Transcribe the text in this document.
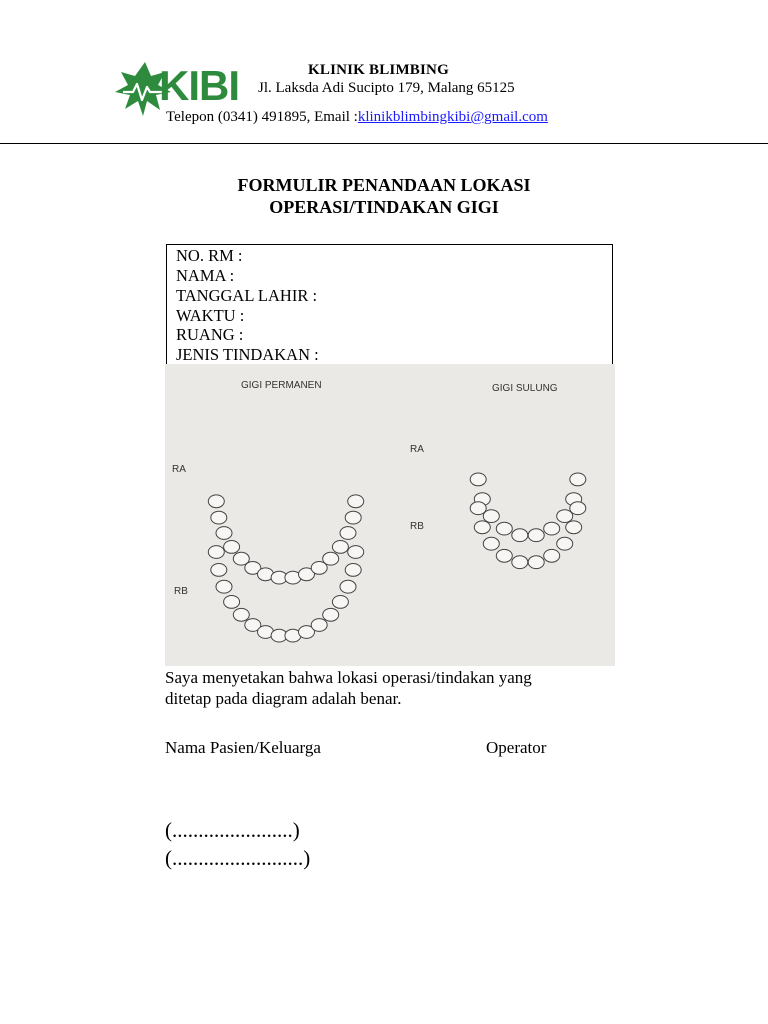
KIBI	KLINIK BLIMBING
Jl. Laksda Adi Sucipto 179, Malang 65125
Telepon (0341) 491895, Email :klinikblimbingkibi@gmail.com
FORMULIR PENANDAAN LOKASI
OPERASI/TINDAKAN GIGI
NO. RM :
NAMA :
TANGGAL LAHIR :
WAKTU :
RUANG :
JENIS TINDAKAN :
GIGI PERMANEN	GIGI SULUNG
RA
RB
RA
RB
Saya menyetakan bahwa lokasi operasi/tindakan yang
ditetap pada diagram adalah benar.
Nama Pasien/Keluarga	Operator
(.......................)
(.........................)
